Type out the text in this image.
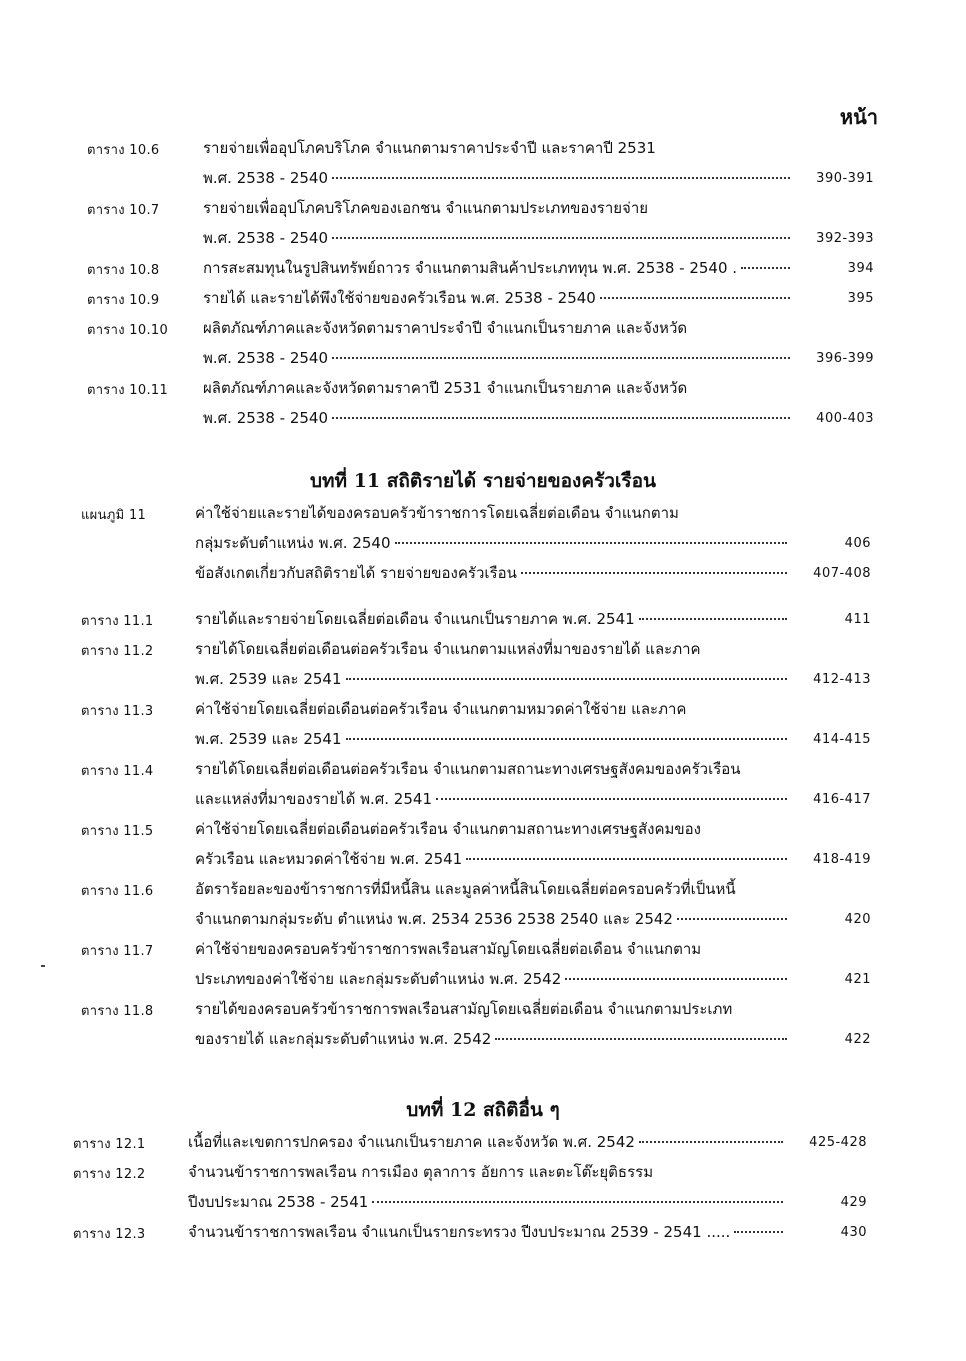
หน้า
ตาราง 10.6	รายจ่ายเพื่ออุปโภคบริโภค จำแนกตามราคาประจำปี และราคาปี 2531
พ.ศ. 2538 - 2540	390-391
ตาราง 10.7	รายจ่ายเพื่ออุปโภคบริโภคของเอกชน จำแนกตามประเภทของรายจ่าย
พ.ศ. 2538 - 2540	392-393
ตาราง 10.8	การสะสมทุนในรูปสินทรัพย์ถาวร จำแนกตามสินค้าประเภททุน พ.ศ. 2538 - 2540 .	394
ตาราง 10.9	รายได้ และรายได้พึงใช้จ่ายของครัวเรือน พ.ศ. 2538 - 2540	395
ตาราง 10.10 ผลิตภัณฑ์ภาคและจังหวัดตามราคาประจำปี จำแนกเป็นรายภาค และจังหวัด
พ.ศ. 2538 - 2540	396-399
ตาราง 10.11 ผลิตภัณฑ์ภาคและจังหวัดตามราคาปี 2531 จำแนกเป็นรายภาค และจังหวัด
พ.ศ. 2538 - 2540	400-403
บทที่ 11 สถิติรายได้ รายจ่ายของครัวเรือน
แผนภูมิ 11	ค่าใช้จ่ายและรายได้ของครอบครัวข้าราชการโดยเฉลี่ยต่อเดือน จำแนกตาม
กลุ่มระดับตำแหน่ง พ.ศ. 2540	406
ข้อสังเกตเกี่ยวกับสถิติรายได้ รายจ่ายของครัวเรือน	407-408
ตาราง 11.1	รายได้และรายจ่ายโดยเฉลี่ยต่อเดือน จำแนกเป็นรายภาค พ.ศ. 2541	411
ตาราง 11.2	รายได้โดยเฉลี่ยต่อเดือนต่อครัวเรือน จำแนกตามแหล่งที่มาของรายได้ และภาค
พ.ศ. 2539 และ 2541	412-413
ตาราง 11.3	ค่าใช้จ่ายโดยเฉลี่ยต่อเดือนต่อครัวเรือน จำแนกตามหมวดค่าใช้จ่าย และภาค
พ.ศ. 2539 และ 2541	414-415
ตาราง 11.4	รายได้โดยเฉลี่ยต่อเดือนต่อครัวเรือน จำแนกตามสถานะทางเศรษฐสังคมของครัวเรือน
และแหล่งที่มาของรายได้ พ.ศ. 2541	416-417
ตาราง 11.5	ค่าใช้จ่ายโดยเฉลี่ยต่อเดือนต่อครัวเรือน จำแนกตามสถานะทางเศรษฐสังคมของ
ครัวเรือน และหมวดค่าใช้จ่าย พ.ศ. 2541	418-419
ตาราง 11.6	อัตราร้อยละของข้าราชการที่มีหนี้สิน และมูลค่าหนี้สินโดยเฉลี่ยต่อครอบครัวที่เป็นหนี้
จำแนกตามกลุ่มระดับ ตำแหน่ง พ.ศ. 2534 2536 2538 2540 และ 2542	420
ตาราง 11.7	ค่าใช้จ่ายของครอบครัวข้าราชการพลเรือนสามัญโดยเฉลี่ยต่อเดือน จำแนกตาม
ประเภทของค่าใช้จ่าย และกลุ่มระดับตำแหน่ง พ.ศ. 2542	421
ตาราง 11.8	รายได้ของครอบครัวข้าราชการพลเรือนสามัญโดยเฉลี่ยต่อเดือน จำแนกตามประเภท
ของรายได้ และกลุ่มระดับตำแหน่ง พ.ศ. 2542	422
บทที่ 12 สถิติอื่น ๆ
ตาราง 12.1	เนื้อที่และเขตการปกครอง จำแนกเป็นรายภาค และจังหวัด พ.ศ. 2542	425-428
ตาราง 12.2	จำนวนข้าราชการพลเรือน การเมือง ตุลาการ อัยการ และตะโต๊ะยุติธรรม
ปีงบประมาณ 2538 - 2541	429
ตาราง 12.3	จำนวนข้าราชการพลเรือน จำแนกเป็นรายกระทรวง ปีงบประมาณ 2539 - 2541 .....	430
